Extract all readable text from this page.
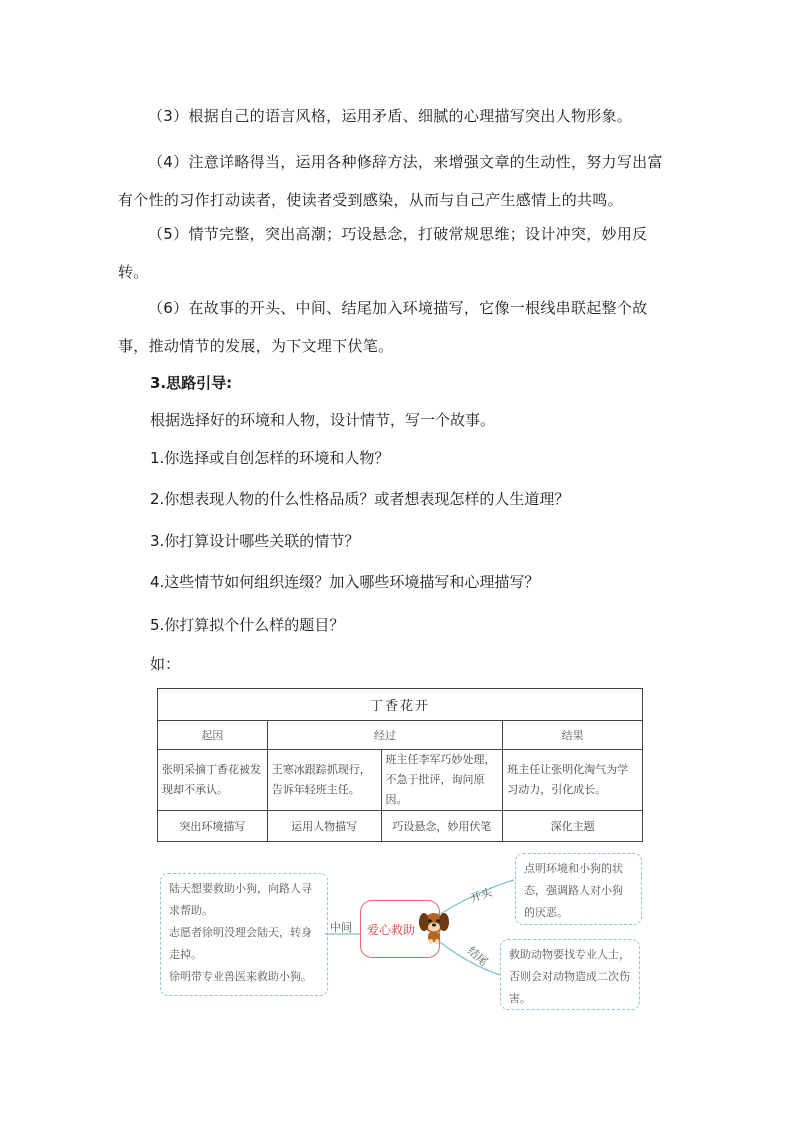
（3）根据自己的语言风格，运用矛盾、细腻的心理描写突出人物形象。

（4）注意详略得当，运用各种修辞方法，来增强文章的生动性，努力写出富有个性的习作打动读者，使读者受到感染，从而与自己产生感情上的共鸣。

（5）情节完整，突出高潮；巧设悬念，打破常规思维；设计冲突，妙用反转。

（6）在故事的开头、中间、结尾加入环境描写，它像一根线串联起整个故事，推动情节的发展，为下文埋下伏笔。

3.思路引导:
根据选择好的环境和人物，设计情节，写一个故事。
1.你选择或自创怎样的环境和人物？
2.你想表现人物的什么性格品质？或者想表现怎样的人生道理？
3.你打算设计哪些关联的情节？
4.这些情节如何组织连缀？加入哪些环境描写和心理描写？
5.你打算拟个什么样的题目？
如：
丁香花开			
起因	经过		结果
张明采摘丁香花被发现却不承认。	王寒冰跟踪抓现行，告诉年轻班主任。	班主任李军巧妙处理，不急于批评，询问原因。	班主任让张明化淘气为学习动力，引化成长。
突出环境描写	运用人物描写	巧设悬念，妙用伏笔	深化主题
陆天想要救助小狗，向路人寻求帮助。
志愿者徐明没理会陆天，转身走掉。
徐明带专业兽医来救助小狗。
中间 爱心救助
开头
结尾
点明环境和小狗的状态，强调路人对小狗的厌恶。
救助动物要找专业人士，否则会对动物造成二次伤害。
